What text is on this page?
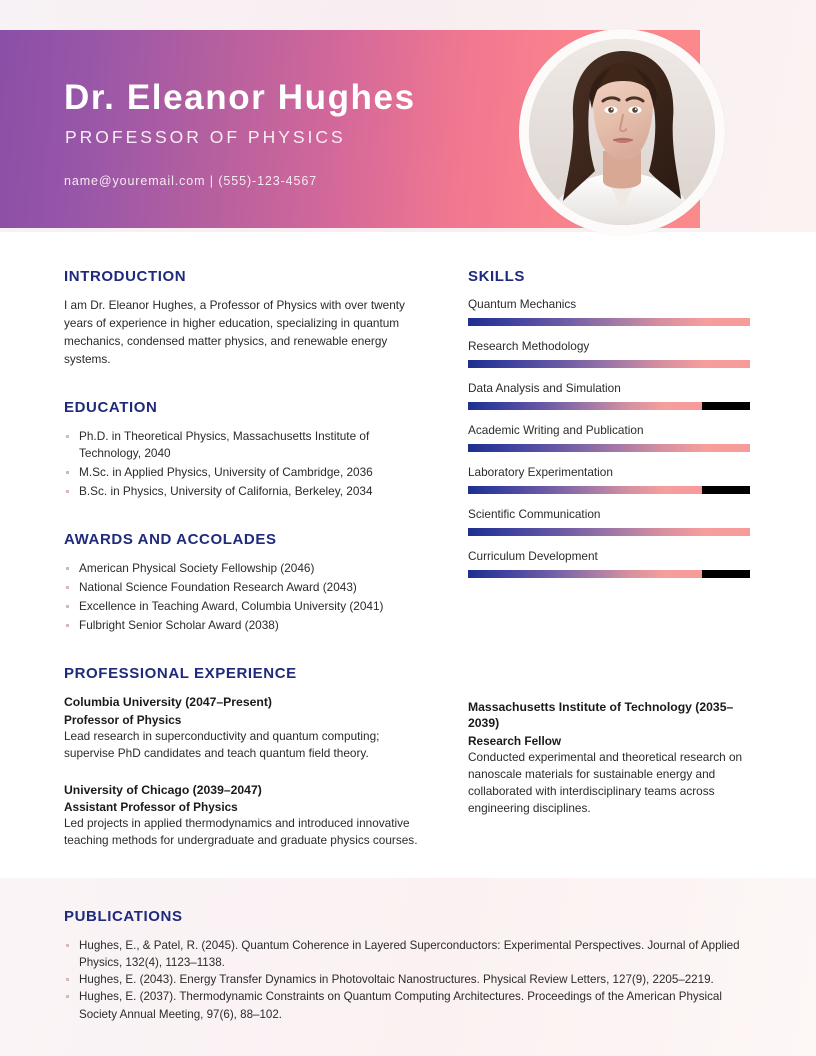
Dr. Eleanor Hughes
PROFESSOR OF PHYSICS
name@youremail.com | (555)-123-4567
INTRODUCTION

I am Dr. Eleanor Hughes, a Professor of Physics with over twenty years of experience in higher education, specializing in quantum mechanics, condensed matter physics, and renewable energy systems.

EDUCATION
Ph.D. in Theoretical Physics, Massachusetts Institute of Technology, 2040
M.Sc. in Applied Physics, University of Cambridge, 2036
B.Sc. in Physics, University of California, Berkeley, 2034
AWARDS AND ACCOLADES
American Physical Society Fellowship (2046)
National Science Foundation Research Award (2043)
Excellence in Teaching Award, Columbia University (2041)
Fulbright Senior Scholar Award (2038)
PROFESSIONAL EXPERIENCE
Columbia University (2047–Present)
Professor of Physics
Lead research in superconductivity and quantum computing; supervise PhD candidates and teach quantum field theory.
University of Chicago (2039–2047)
Assistant Professor of Physics
Led projects in applied thermodynamics and introduced innovative teaching methods for undergraduate and graduate physics courses.
SKILLS
Quantum Mechanics
Research Methodology
Data Analysis and Simulation
Academic Writing and Publication
Laboratory Experimentation
Scientific Communication
Curriculum Development
Massachusetts Institute of Technology (2035–2039)
Research Fellow
Conducted experimental and theoretical research on nanoscale materials for sustainable energy and collaborated with interdisciplinary teams across engineering disciplines.
PUBLICATIONS
Hughes, E., & Patel, R. (2045). Quantum Coherence in Layered Superconductors: Experimental Perspectives. Journal of Applied Physics, 132(4), 1123–1138.
Hughes, E. (2043). Energy Transfer Dynamics in Photovoltaic Nanostructures. Physical Review Letters, 127(9), 2205–2219.
Hughes, E. (2037). Thermodynamic Constraints on Quantum Computing Architectures. Proceedings of the American Physical Society Annual Meeting, 97(6), 88–102.
